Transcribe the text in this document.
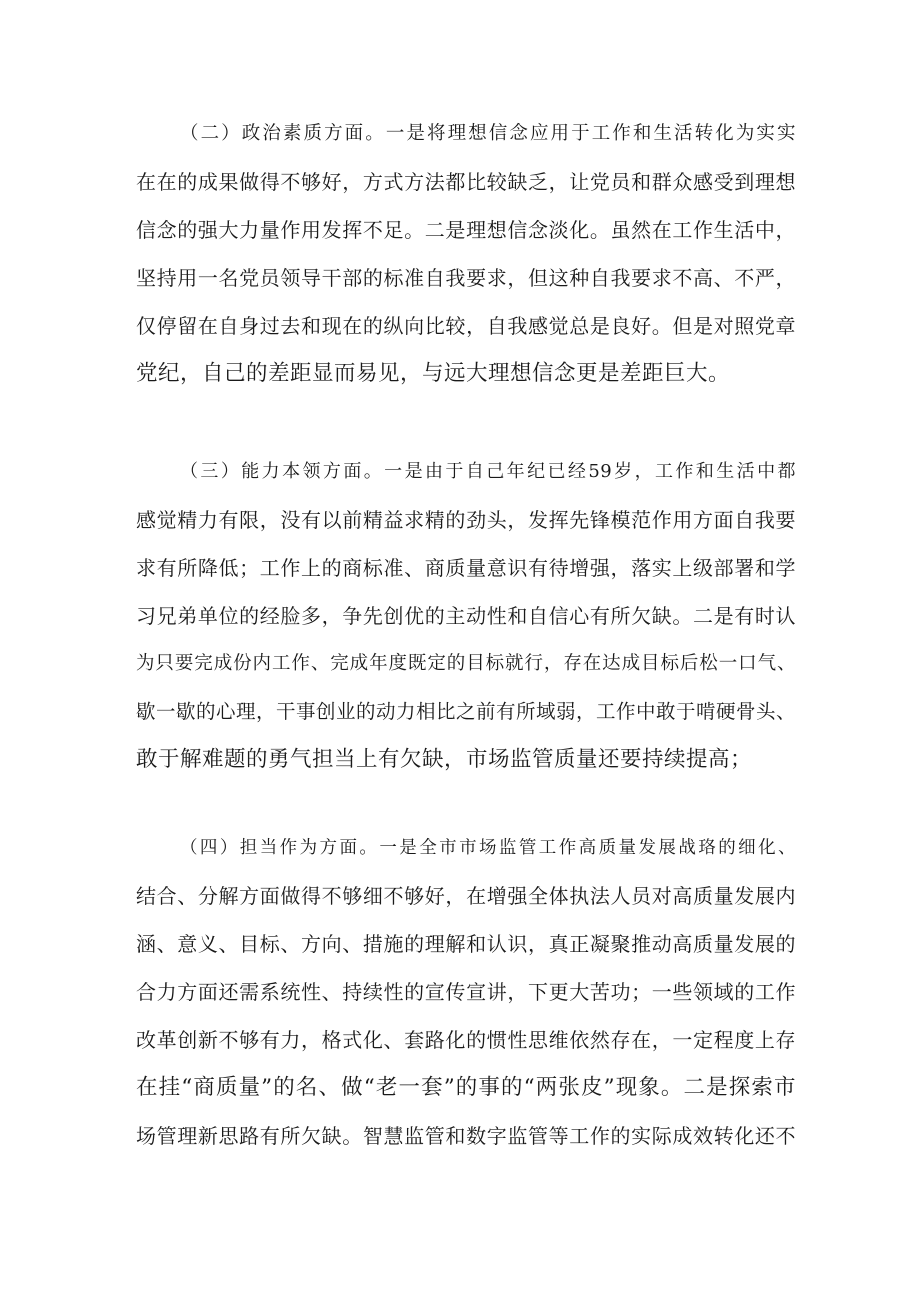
（二）政治素质方面。一是将理想信念应用于工作和生活转化为实实
在在的成果做得不够好，方式方法都比较缺乏，让党员和群众感受到理想
信念的强大力量作用发挥不足。二是理想信念淡化。虽然在工作生活中，
坚持用一名党员领导干部的标准自我要求，但这种自我要求不高、不严，
仅停留在自身过去和现在的纵向比较，自我感觉总是良好。但是对照党章
党纪，自己的差距显而易见，与远大理想信念更是差距巨大。
（三）能力本领方面。一是由于自己年纪已经59岁，工作和生活中都
感觉精力有限，没有以前精益求精的劲头，发挥先锋模范作用方面自我要
求有所降低；工作上的商标准、商质量意识有待增强，落实上级部署和学
习兄弟单位的经脸多，争先创优的主动性和自信心有所欠缺。二是有时认
为只要完成份内工作、完成年度既定的目标就行，存在达成目标后松一口气、
歇一歇的心理，干事创业的动力相比之前有所域弱，工作中敢于啃硬骨头、
敢于解难题的勇气担当上有欠缺，市场监管质量还要持续提高；
（四）担当作为方面。一是全市市场监管工作高质量发展战珞的细化、
结合、分解方面做得不够细不够好，在增强全体执法人员对高质量发展内
涵、意义、目标、方向、措施的理解和认识，真正凝聚推动高质量发展的
合力方面还需系统性、持续性的宣传宣讲，下更大苦功；一些领域的工作
改革创新不够有力，格式化、套路化的惯性思维依然存在，一定程度上存
在挂“商质量”的名、做“老一套”的事的“两张皮”现象。二是探索市
场管理新思路有所欠缺。智慧监管和数字监管等工作的实际成效转化还不
